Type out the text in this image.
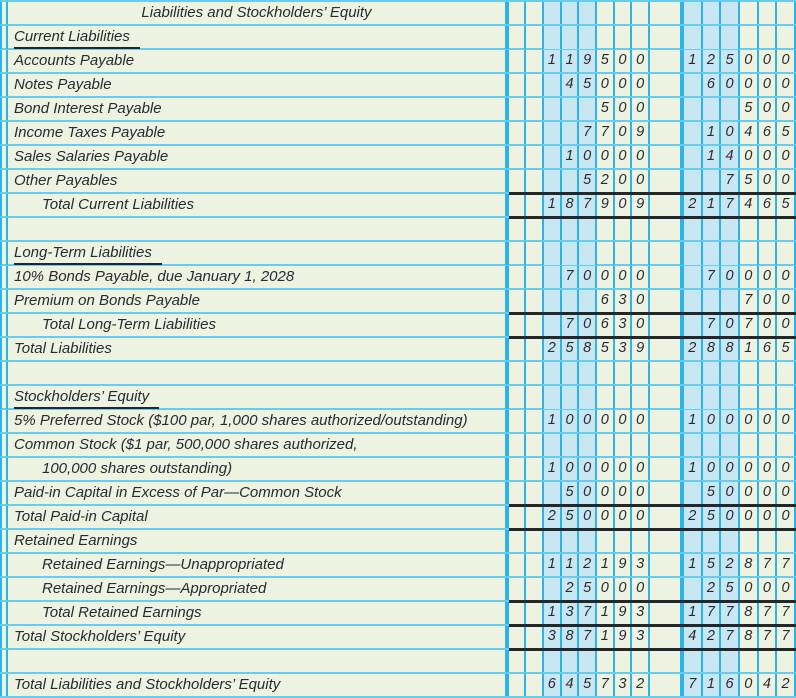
Liabilities and Stockholders’ Equity
Current Liabilities
Accounts Payable	1 1 9 5 0 0	1 2 5 0 0 0
Notes Payable	4 5 0 0 0	6 0 0 0 0
Bond Interest Payable	5 0 0	5 0 0
Income Taxes Payable	7 7 0 9	1 0 4 6 5
Sales Salaries Payable	1 0 0 0 0	1 4 0 0 0
Other Payables	5 2 0 0	7 5 0 0
Total Current Liabilities	1 8 7 9 0 9	2 1 7 4 6 5
Long-Term Liabilities
10% Bonds Payable, due January 1, 2028	7 0 0 0 0	7 0 0 0 0
Premium on Bonds Payable	6 3 0	7 0 0
Total Long-Term Liabilities	7 0 6 3 0	7 0 7 0 0
Total Liabilities	2 5 8 5 3 9	2 8 8 1 6 5
Stockholders’ Equity
5% Preferred Stock ($100 par, 1,000 shares authorized/outstanding)	1 0 0 0 0 0	1 0 0 0 0 0
Common Stock ($1 par, 500,000 shares authorized,
100,000 shares outstanding)	1 0 0 0 0 0	1 0 0 0 0 0
Paid-in Capital in Excess of Par—Common Stock	5 0 0 0 0	5 0 0 0 0
Total Paid-in Capital	2 5 0 0 0 0	2 5 0 0 0 0
Retained Earnings
Retained Earnings—Unappropriated	1 1 2 1 9 3	1 5 2 8 7 7
Retained Earnings—Appropriated	2 5 0 0 0	2 5 0 0 0
Total Retained Earnings	1 3 7 1 9 3	1 7 7 8 7 7
Total Stockholders’ Equity	3 8 7 1 9 3	4 2 7 8 7 7
Total Liabilities and Stockholders’ Equity	6 4 5 7 3 2	7 1 6 0 4 2
